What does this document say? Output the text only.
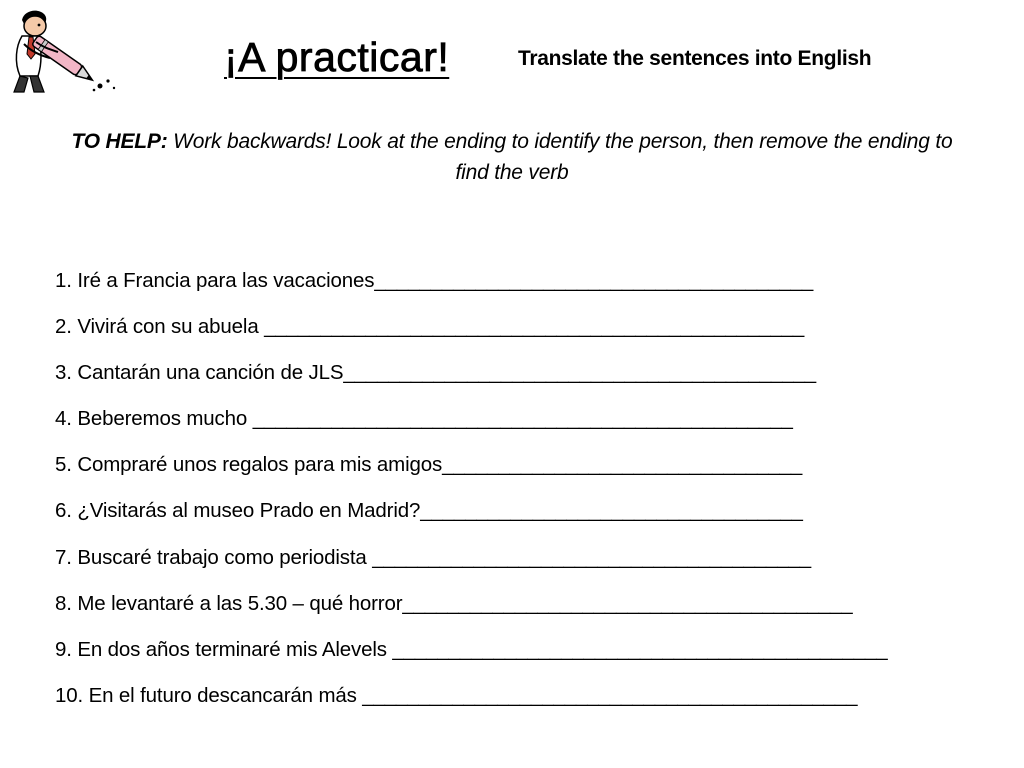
¡A practicar!	Translate the sentences into English
TO HELP: Work backwards! Look at the ending to identify the person, then remove the ending to find the verb
1. Iré a Francia para las vacaciones_______________________________________
2. Vivirá con su abuela ________________________________________________
3. Cantarán una canción de JLS__________________________________________
4. Beberemos mucho ________________________________________________
5. Compraré unos regalos para mis amigos________________________________
6. ¿Visitarás al museo Prado en Madrid?__________________________________
7. Buscaré trabajo como periodista _______________________________________
8. Me levantaré a las 5.30 – qué horror________________________________________
9. En dos años terminaré mis Alevels ____________________________________________
10. En el futuro descancarán más ____________________________________________
